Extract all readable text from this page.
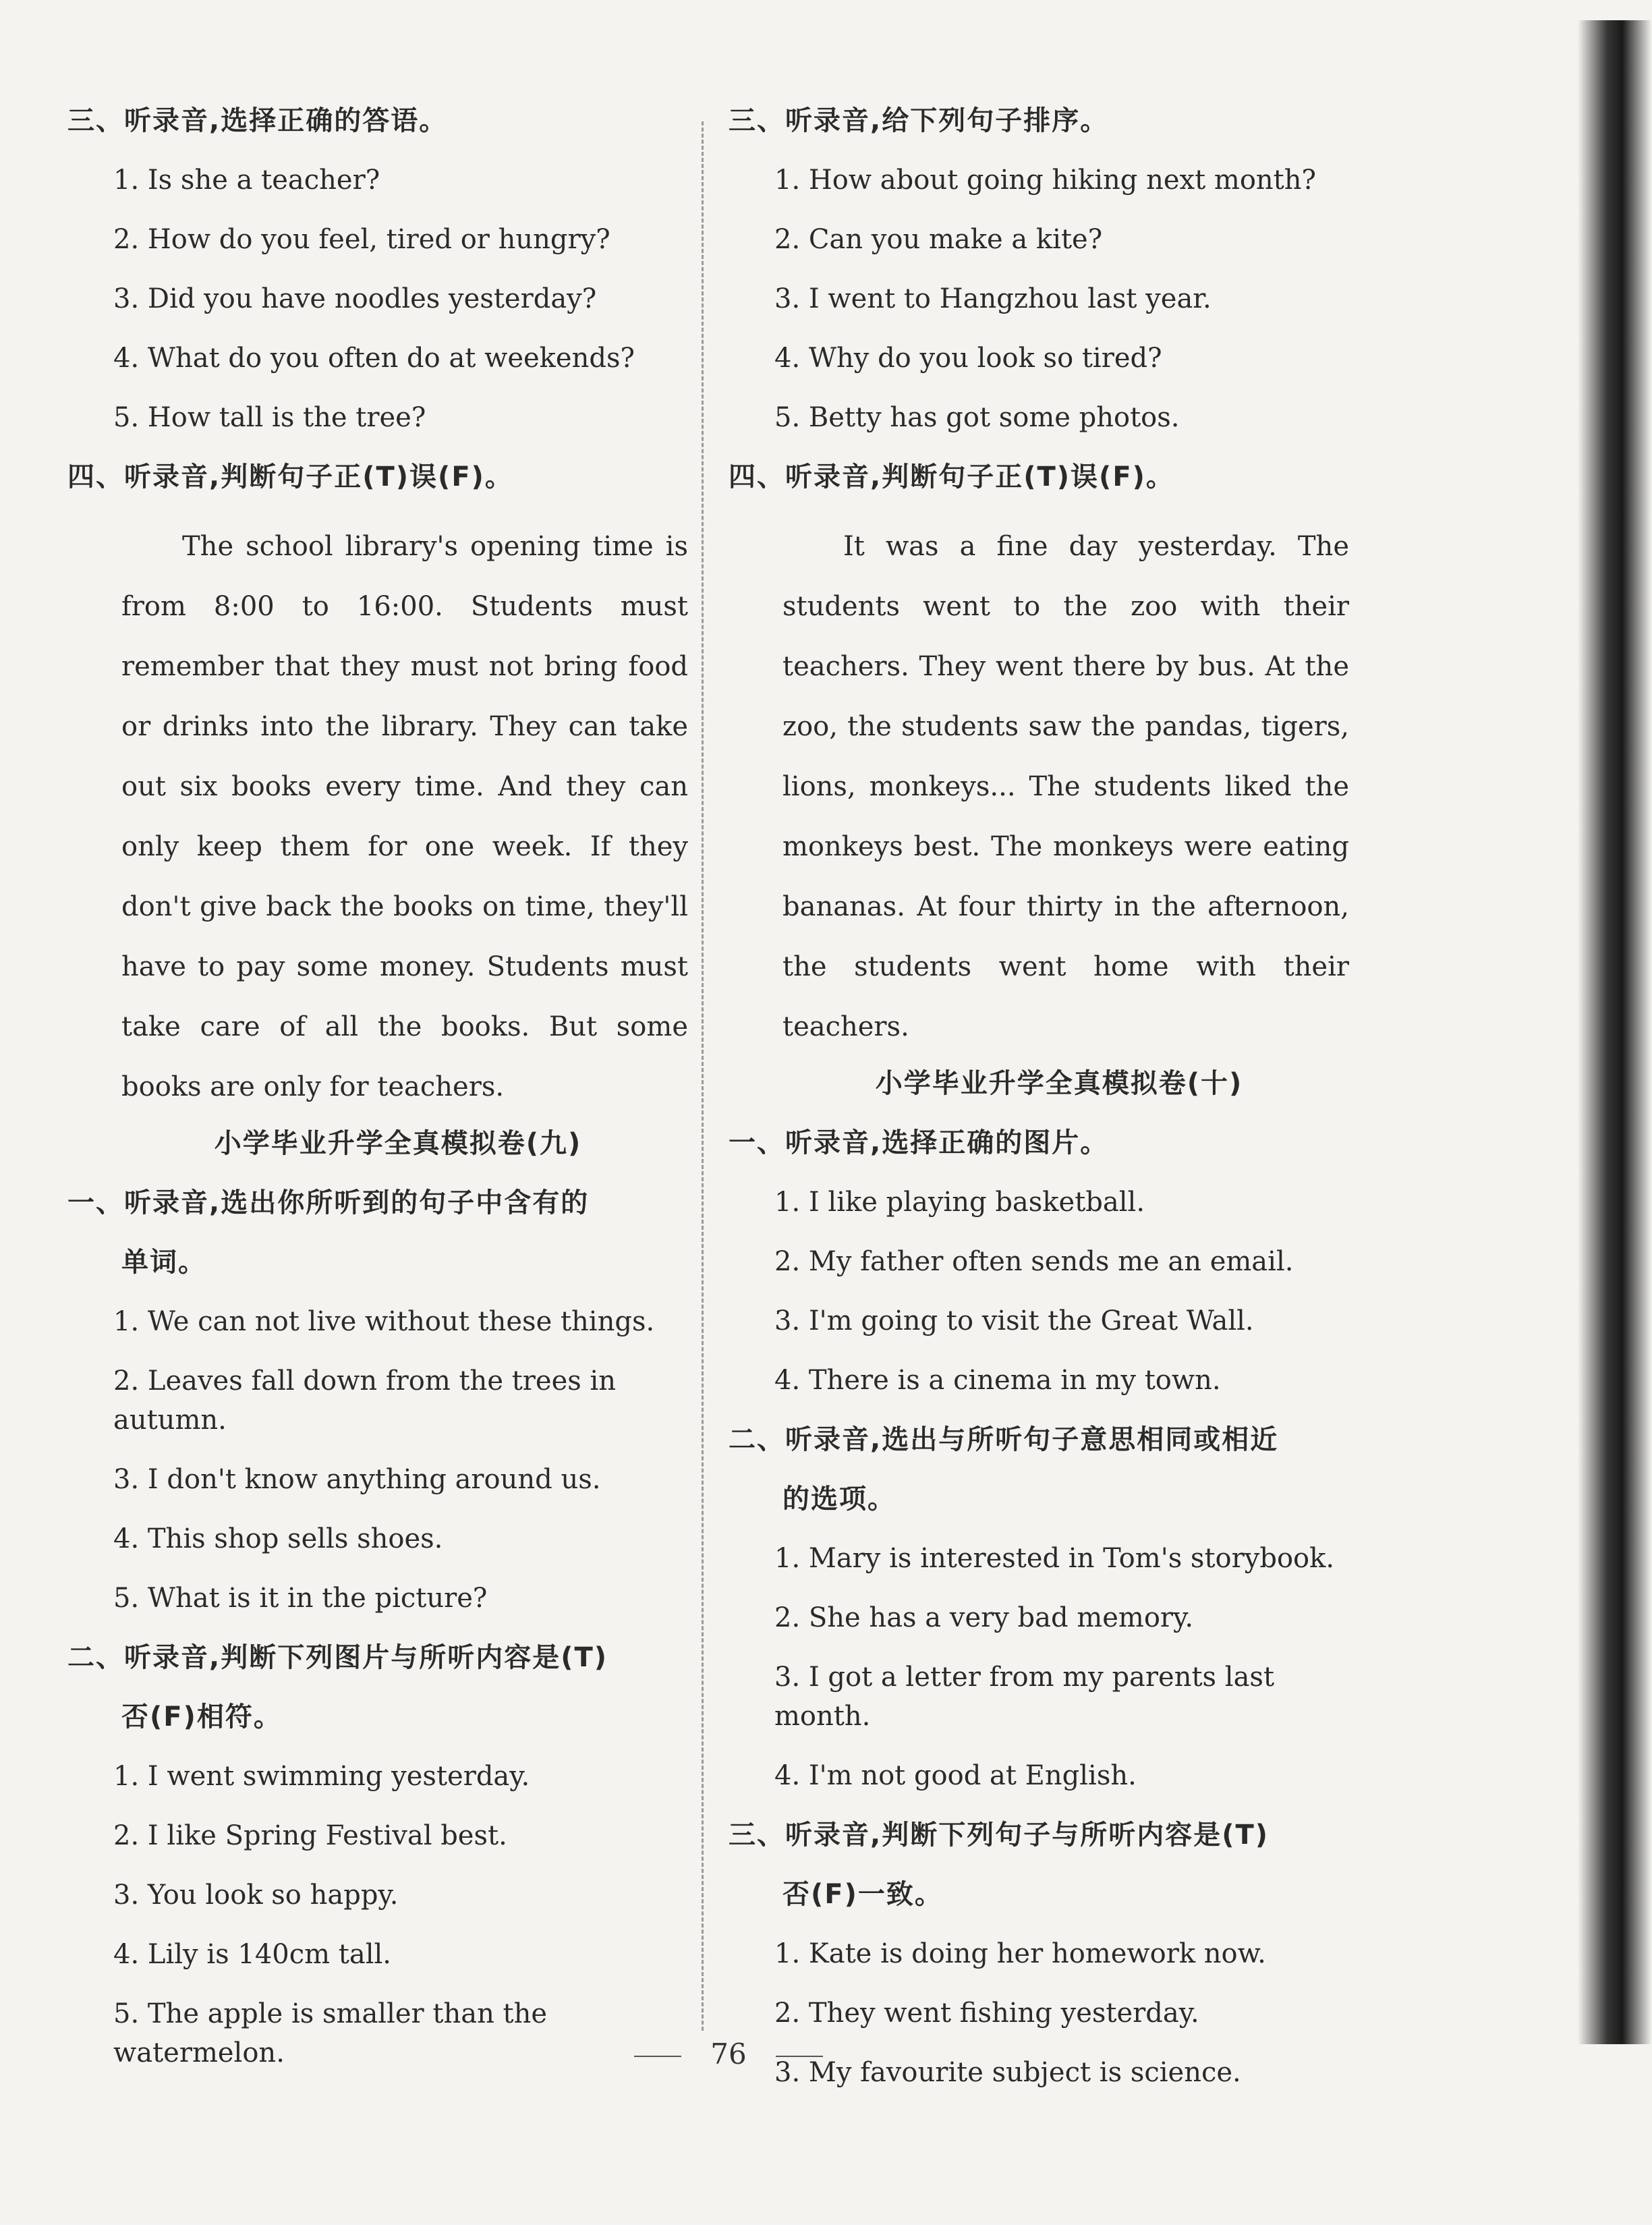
三、听录音,选择正确的答语。
1. Is she a teacher?
2. How do you feel, tired or hungry?
3. Did you have noodles yesterday?
4. What do you often do at weekends?
5. How tall is the tree?
四、听录音,判断句子正(T)误(F)。
The school library's opening time is from 8:00 to 16:00. Students must remember that they must not bring food or drinks into the library. They can take out six books every time. And they can only keep them for one week. If they don't give back the books on time, they'll have to pay some money. Students must take care of all the books. But some books are only for teachers.
小学毕业升学全真模拟卷(九)
一、听录音,选出你所听到的句子中含有的
单词。
1. We can not live without these things.
2. Leaves fall down from the trees in autumn.
3. I don't know anything around us.
4. This shop sells shoes.
5. What is it in the picture?
二、听录音,判断下列图片与所听内容是(T)
否(F)相符。
1. I went swimming yesterday.
2. I like Spring Festival best.
3. You look so happy.
4. Lily is 140cm tall.
5. The apple is smaller than the watermelon.
三、听录音,给下列句子排序。
1. How about going hiking next month?
2. Can you make a kite?
3. I went to Hangzhou last year.
4. Why do you look so tired?
5. Betty has got some photos.
四、听录音,判断句子正(T)误(F)。
It was a fine day yesterday. The students went to the zoo with their teachers. They went there by bus. At the zoo, the students saw the pandas, tigers, lions, monkeys... The students liked the monkeys best. The monkeys were eating bananas. At four thirty in the afternoon, the students went home with their teachers.
小学毕业升学全真模拟卷(十)
一、听录音,选择正确的图片。
1. I like playing basketball.
2. My father often sends me an email.
3. I'm going to visit the Great Wall.
4. There is a cinema in my town.
二、听录音,选出与所听句子意思相同或相近
的选项。
1. Mary is interested in Tom's storybook.
2. She has a very bad memory.
3. I got a letter from my parents last month.
4. I'm not good at English.
三、听录音,判断下列句子与所听内容是(T)
否(F)一致。
1. Kate is doing her homework now.
2. They went fishing yesterday.
3. My favourite subject is science.
76
